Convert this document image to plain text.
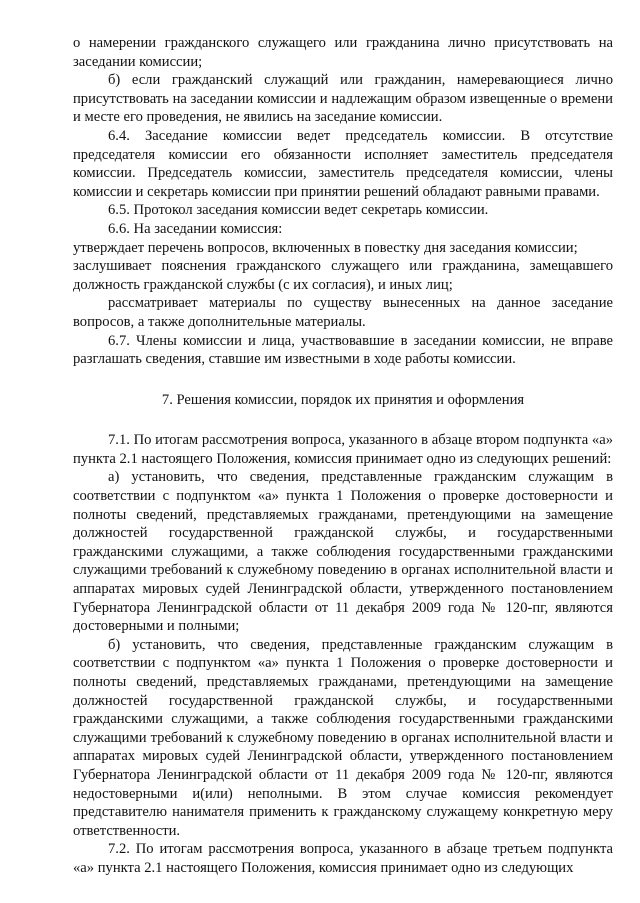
о намерении гражданского служащего или гражданина лично присутствовать на заседании комиссии;

б) если гражданский служащий или гражданин, намеревающиеся лично присутствовать на заседании комиссии и надлежащим образом извещенные о времени и месте его проведения, не явились на заседание комиссии.

6.4. Заседание комиссии ведет председатель комиссии. В отсутствие председателя комиссии его обязанности исполняет заместитель председателя комиссии. Председатель комиссии, заместитель председателя комиссии, члены комиссии и секретарь комиссии при принятии решений обладают равными правами.

6.5. Протокол заседания комиссии ведет секретарь комиссии.

6.6. На заседании комиссия:

утверждает перечень вопросов, включенных в повестку дня заседания комиссии;

заслушивает пояснения гражданского служащего или гражданина, замещавшего должность гражданской службы (с их согласия), и иных лиц;

рассматривает материалы по существу вынесенных на данное заседание вопросов, а также дополнительные материалы.

6.7. Члены комиссии и лица, участвовавшие в заседании комиссии, не вправе разглашать сведения, ставшие им известными в ходе работы комиссии.

7. Решения комиссии, порядок их принятия и оформления

7.1. По итогам рассмотрения вопроса, указанного в абзаце втором подпункта «а» пункта 2.1 настоящего Положения, комиссия принимает одно из следующих решений:

а) установить, что сведения, представленные гражданским служащим в соответствии с подпунктом «а» пункта 1 Положения о проверке достоверности и полноты сведений, представляемых гражданами, претендующими на замещение должностей государственной гражданской службы, и государственными гражданскими служащими, а также соблюдения государственными гражданскими служащими требований к служебному поведению в органах исполнительной власти и аппаратах мировых судей Ленинградской области, утвержденного постановлением Губернатора Ленинградской области от 11 декабря 2009 года № 120-пг, являются достоверными и полными;

б) установить, что сведения, представленные гражданским служащим в соответствии с подпунктом «а» пункта 1 Положения о проверке достоверности и полноты сведений, представляемых гражданами, претендующими на замещение должностей государственной гражданской службы, и государственными гражданскими служащими, а также соблюдения государственными гражданскими служащими требований к служебному поведению в органах исполнительной власти и аппаратах мировых судей Ленинградской области, утвержденного постановлением Губернатора Ленинградской области от 11 декабря 2009 года № 120-пг, являются недостоверными и(или) неполными. В этом случае комиссия рекомендует представителю нанимателя применить к гражданскому служащему конкретную меру ответственности.

7.2. По итогам рассмотрения вопроса, указанного в абзаце третьем подпункта «а» пункта 2.1 настоящего Положения, комиссия принимает одно из следующих
